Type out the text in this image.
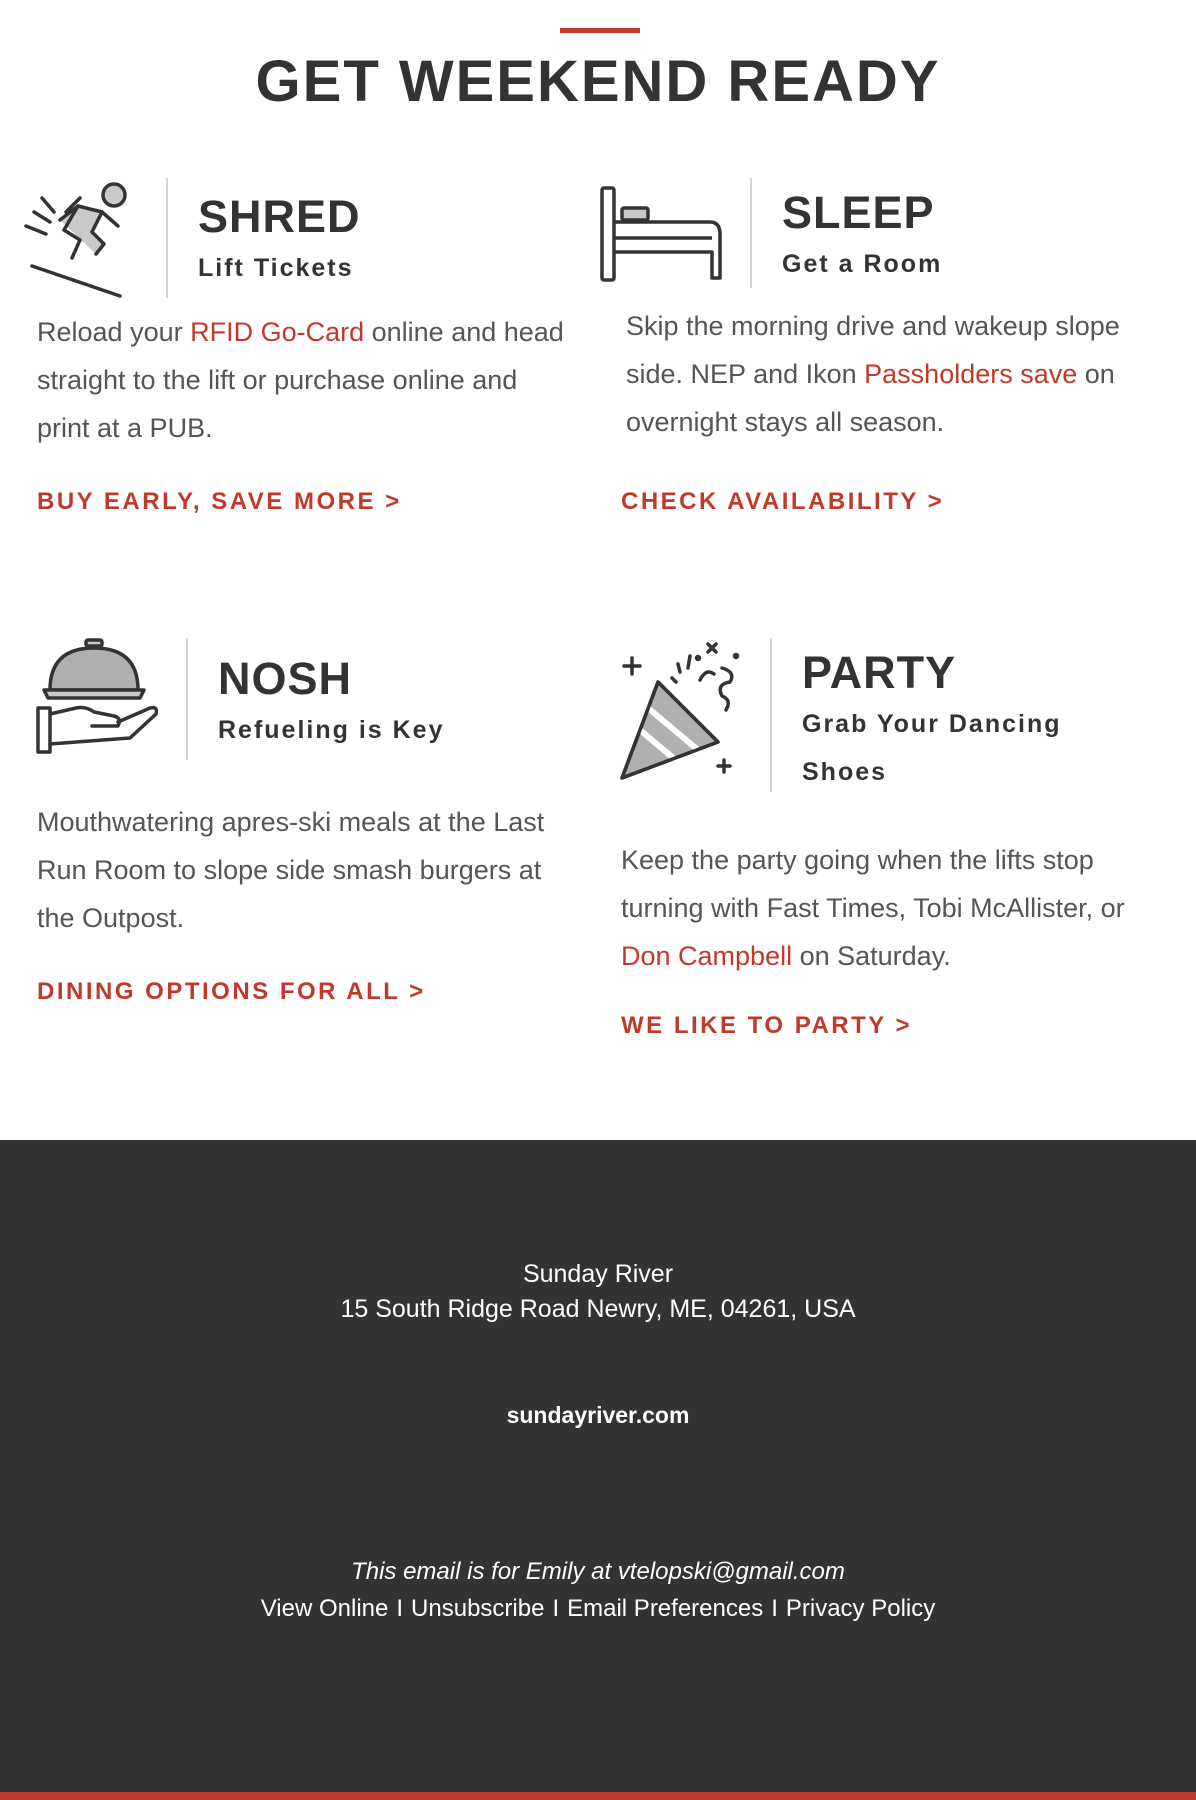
GET WEEKEND READY
SHRED
Lift Tickets
Reload your RFID Go-Card online and head straight to the lift or purchase online and print at a PUB.
BUY EARLY, SAVE MORE >
SLEEP
Get a Room
Skip the morning drive and wakeup slope side. NEP and Ikon Passholders save on overnight stays all season.
CHECK AVAILABILITY >
NOSH
Refueling is Key
Mouthwatering apres-ski meals at the Last Run Room to slope side smash burgers at the Outpost.
DINING OPTIONS FOR ALL >
PARTY
Grab Your Dancing Shoes
Keep the party going when the lifts stop turning with Fast Times, Tobi McAllister, or Don Campbell on Saturday.
WE LIKE TO PARTY >
Sunday River
15 South Ridge Road Newry, ME, 04261, USA
sundayriver.com
This email is for Emily at vtelopski@gmail.com
View Online I Unsubscribe I Email Preferences I Privacy Policy
